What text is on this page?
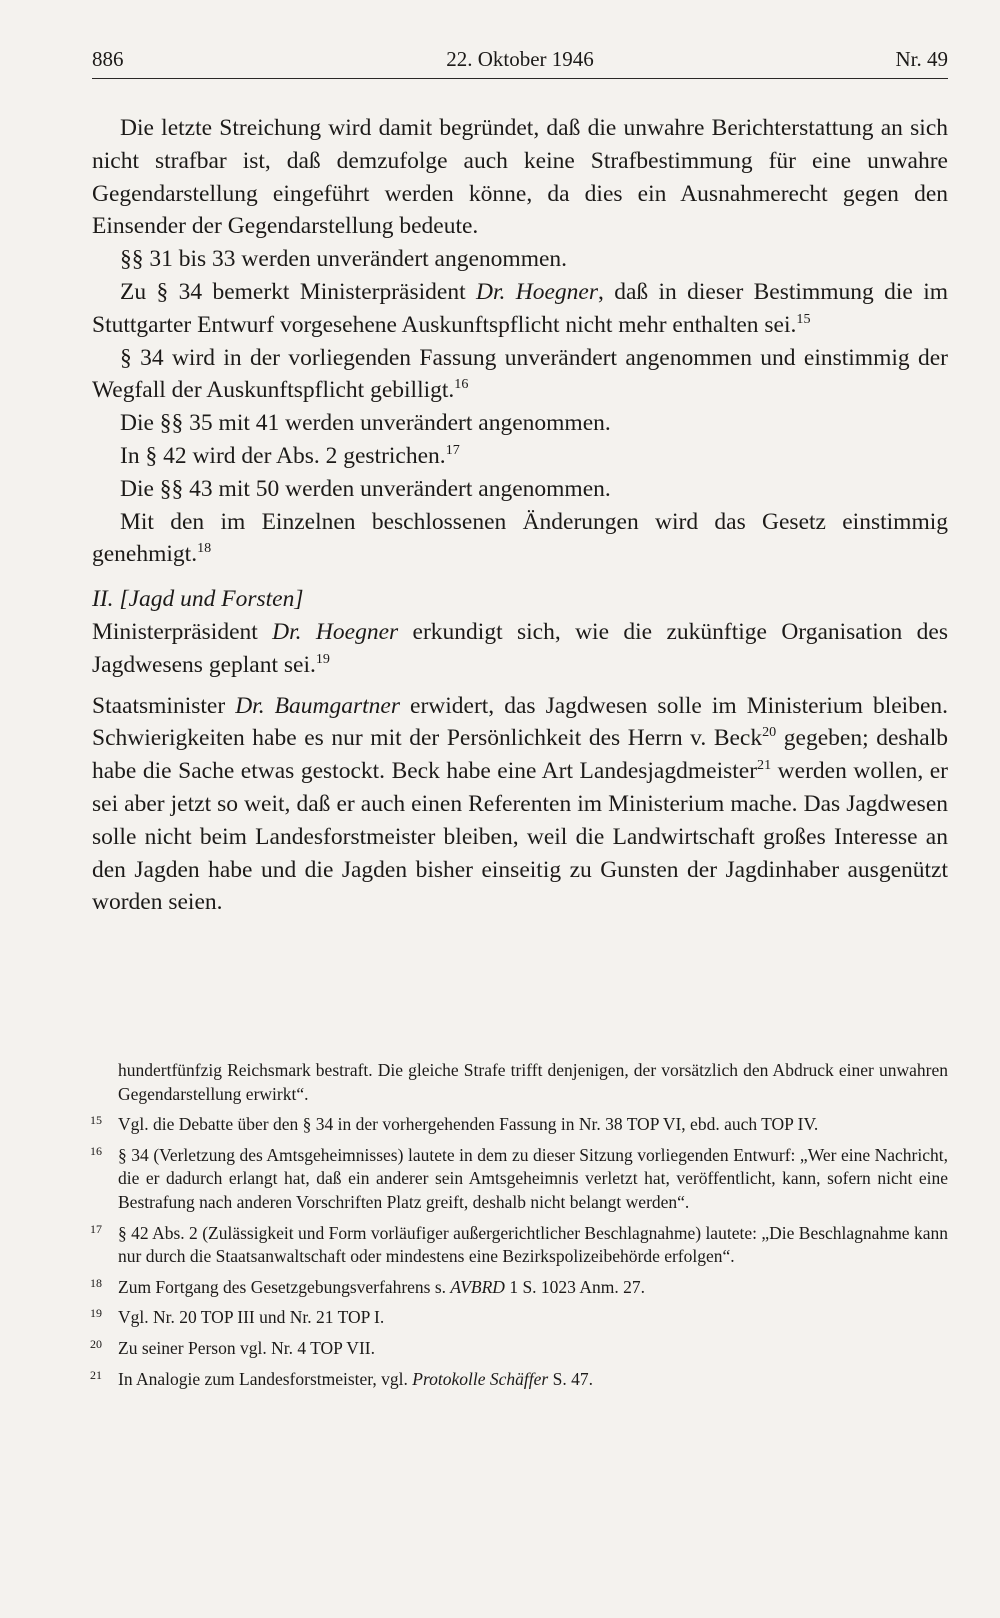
886	22. Oktober 1946	Nr. 49

Die letzte Streichung wird damit begründet, daß die unwahre Berichterstattung an sich nicht strafbar ist, daß demzufolge auch keine Strafbestimmung für eine unwahre Gegendarstellung eingeführt werden könne, da dies ein Ausnahmerecht gegen den Einsender der Gegendarstellung bedeute.

§§ 31 bis 33 werden unverändert angenommen.

Zu § 34 bemerkt Ministerpräsident Dr. Hoegner, daß in dieser Bestimmung die im Stuttgarter Entwurf vorgesehene Auskunftspflicht nicht mehr enthalten sei.$^{15}$

§ 34 wird in der vorliegenden Fassung unverändert angenommen und einstimmig der Wegfall der Auskunftspflicht gebilligt.$^{16}$

Die §§ 35 mit 41 werden unverändert angenommen.

In § 42 wird der Abs. 2 gestrichen.$^{17}$

Die §§ 43 mit 50 werden unverändert angenommen.

Mit den im Einzelnen beschlossenen Änderungen wird das Gesetz einstimmig genehmigt.$^{18}$

II. [Jagd und Forsten]

Ministerpräsident Dr. Hoegner erkundigt sich, wie die zukünftige Organisation des Jagdwesens geplant sei.$^{19}$

Staatsminister Dr. Baumgartner erwidert, das Jagdwesen solle im Ministerium bleiben. Schwierigkeiten habe es nur mit der Persönlichkeit des Herrn v. Beck$^{20}$ gegeben; deshalb habe die Sache etwas gestockt. Beck habe eine Art Landesjagdmeister$^{21}$ werden wollen, er sei aber jetzt so weit, daß er auch einen Referenten im Ministerium mache. Das Jagdwesen solle nicht beim Landesforstmeister bleiben, weil die Landwirtschaft großes Interesse an den Jagden habe und die Jagden bisher einseitig zu Gunsten der Jagdinhaber ausgenützt worden seien.

hundertfünfzig Reichsmark bestraft. Die gleiche Strafe trifft denjenigen, der vorsätzlich den Abdruck einer unwahren Gegendarstellung erwirkt“.

15 Vgl. die Debatte über den § 34 in der vorhergehenden Fassung in Nr. 38 TOP VI, ebd. auch TOP IV.

16 § 34 (Verletzung des Amtsgeheimnisses) lautete in dem zu dieser Sitzung vorliegenden Entwurf: „Wer eine Nachricht, die er dadurch erlangt hat, daß ein anderer sein Amtsgeheimnis verletzt hat, veröffentlicht, kann, sofern nicht eine Bestrafung nach anderen Vorschriften Platz greift, deshalb nicht belangt werden“.

17 § 42 Abs. 2 (Zulässigkeit und Form vorläufiger außergerichtlicher Beschlagnahme) lautete: „Die Beschlagnahme kann nur durch die Staatsanwaltschaft oder mindestens eine Bezirkspolizeibehörde erfolgen“.

18 Zum Fortgang des Gesetzgebungsverfahrens s. AVBRD 1 S. 1023 Anm. 27.

19 Vgl. Nr. 20 TOP III und Nr. 21 TOP I.

20 Zu seiner Person vgl. Nr. 4 TOP VII.

21 In Analogie zum Landesforstmeister, vgl. Protokolle Schäffer S. 47.
